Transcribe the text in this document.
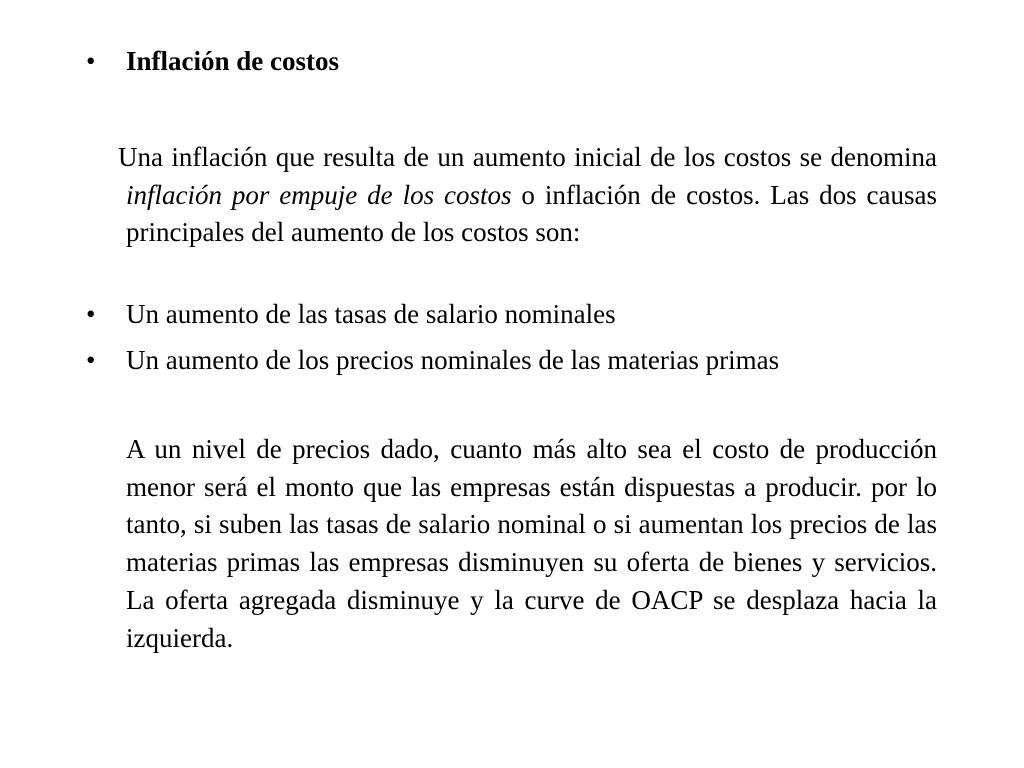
•	Inflación de costos

Una inflación que resulta de un aumento inicial de los costos se denomina inflación por empuje de los costos o inflación de costos. Las dos causas principales del aumento de los costos son:

•	Un aumento de las tasas de salario nominales
•	Un aumento de los precios nominales de las materias primas

A un nivel de precios dado, cuanto más alto sea el costo de producción menor será el monto que las empresas están dispuestas a producir. por lo tanto, si suben las tasas de salario nominal o si aumentan los precios de las materias primas las empresas disminuyen su oferta de bienes y servicios. La oferta agregada disminuye y la curve de OACP se desplaza hacia la izquierda.
